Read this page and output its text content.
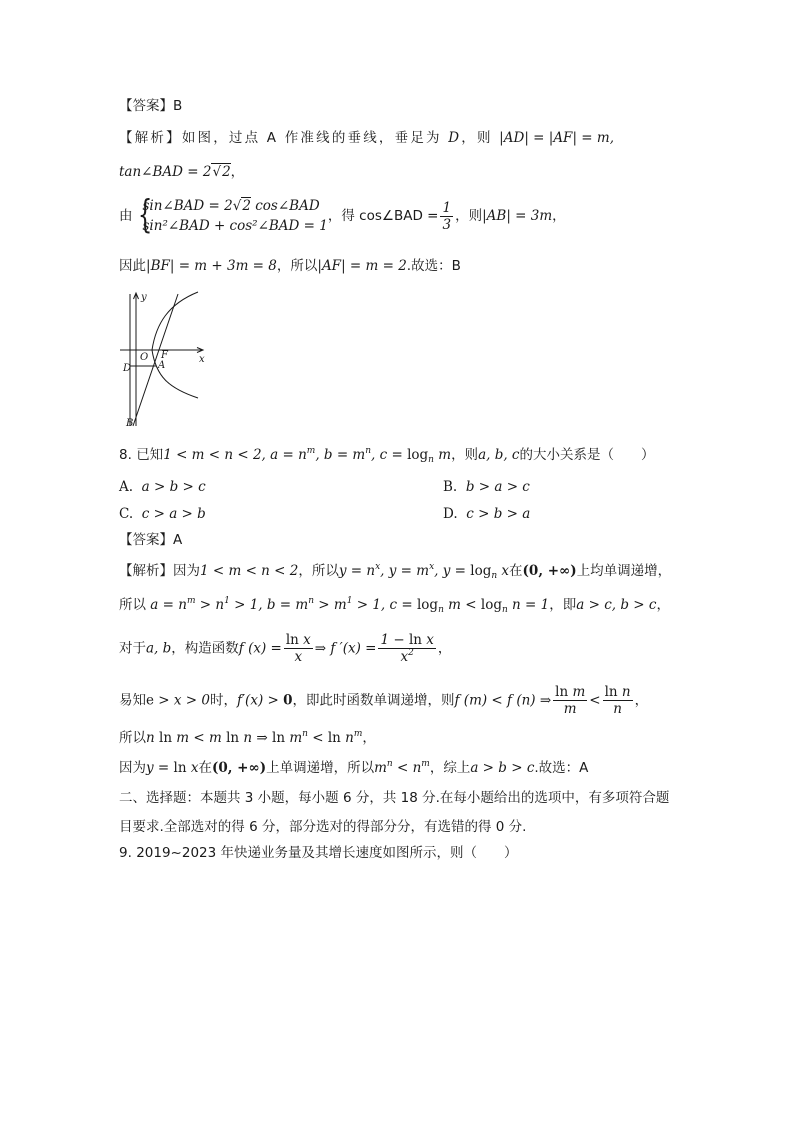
【答案】B
【解析】如图，过点 A 作准线的垂线，垂足为 D，则 |AD| = |AF| = m,
tan∠BAD = 2√2，
由 {
sin∠BAD = 2√2 cos∠BAD
sin²∠BAD + cos²∠BAD = 1
，得 cos∠BAD = $\frac{1}{3}$ ，则|AB| = 3m，
因此|BF| = m + 3m = 8，所以|AF| = m = 2.故选：B
y
x
O F
A
D
B
8. 已知1 < m < n < 2, $a = n^m$, $b = m^n$, $c = \log_n m$，则a, b, c的大小关系是（　　）
A. a > b > c	B. b > a > c
C. c > a > b	D. c > b > a
【答案】A
【解析】因为1 < m < n < 2，所以$y = n^x$, $y = m^x$, $y = \log_n x$在(0, +∞)上均单调递增，
所以 $a = n^m > n^1 > 1$, $b = m^n > m^1 > 1$, $c = \log_n m < \log_n n = 1$，即a > c, b > c，
对于a, b，构造函数f $(x) = \frac{\text{ln x}}{x}$ ⇒ f $'(x) = \frac{\text{1 − ln x}}{x^2}$ ，
易知e > x > 0时，f′(x) > 0，即此时函数单调递增，则f (m) < f (n) ⇒ $\frac{\text{ln m}}{m} < \frac{\text{ln n}}{n}$ ，
所以n ln m < m ln n ⇒ $\ln m^n < \ln n^m$，
因为y = ln x在(0, +∞)上单调递增，所以$m^n < n^m$，综上a > b > c.故选：A
二、选择题：本题共 3 小题，每小题 6 分，共 18 分.在每小题给出的选项中，有多项符合题
目要求.全部选对的得 6 分，部分选对的得部分分，有选错的得 0 分.
9. 2019~2023 年快递业务量及其增长速度如图所示，则（　　）
